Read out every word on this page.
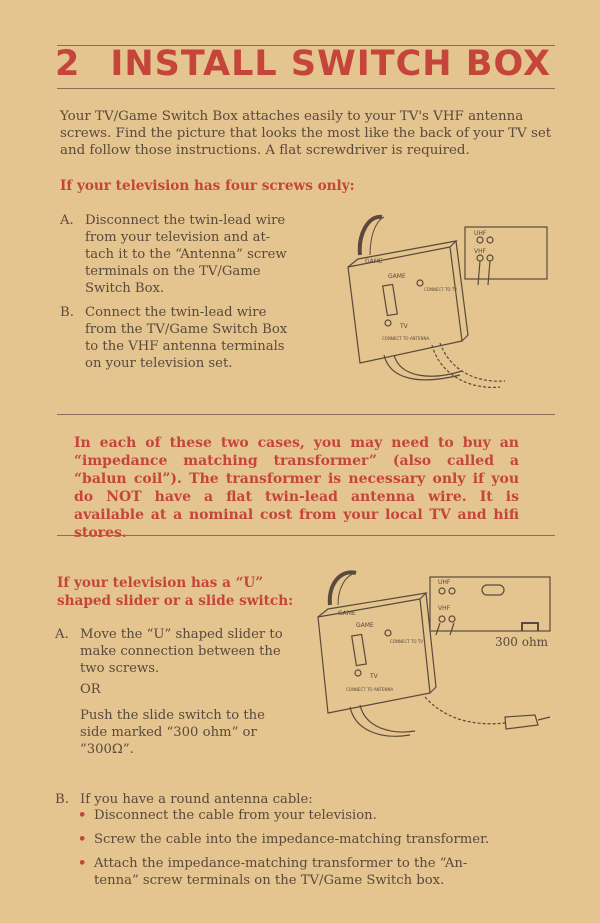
2 INSTALL SWITCH BOX

Your TV/Game Switch Box attaches easily to your TV's VHF antenna screws. Find the picture that looks the most like the back of your TV set and follow those instructions. A flat screwdriver is required.

If your television has four screws only:

A. Disconnect the twin-lead wire
from your television and at-
tach it to the “Antenna” screw
terminals on the TV/Game
Switch Box.
B. Connect the twin-lead wire
from the TV/Game Switch Box
to the VHF antenna terminals
on your television set.
GAME
GAME
TV
CONNECT TO TV
CONNECT TO ANTENNA
UHF
VHF

In each of these two cases, you may need to buy an “impedance matching transformer” (also called a “balun coil”). The transformer is necessary only if you do NOT have a flat twin-lead antenna wire. It is available at a nominal cost from your local TV and hifi stores.

If your television has a “U”
shaped slider or a slide switch:
A. Move the “U” shaped slider to
make connection between the
two screws.
OR
Push the slide switch to the
side marked “300 ohm” or
“300Ω”.
GAME
GAME
TV
CONNECT TO TV
CONNECT TO ANTENNA
UHF
VHF
300 ohm
B. If you have a round antenna cable:
• Disconnect the cable from your television.
• Screw the cable into the impedance-matching transformer.
• Attach the impedance-matching transformer to the “An-
tenna” screw terminals on the TV/Game Switch box.
